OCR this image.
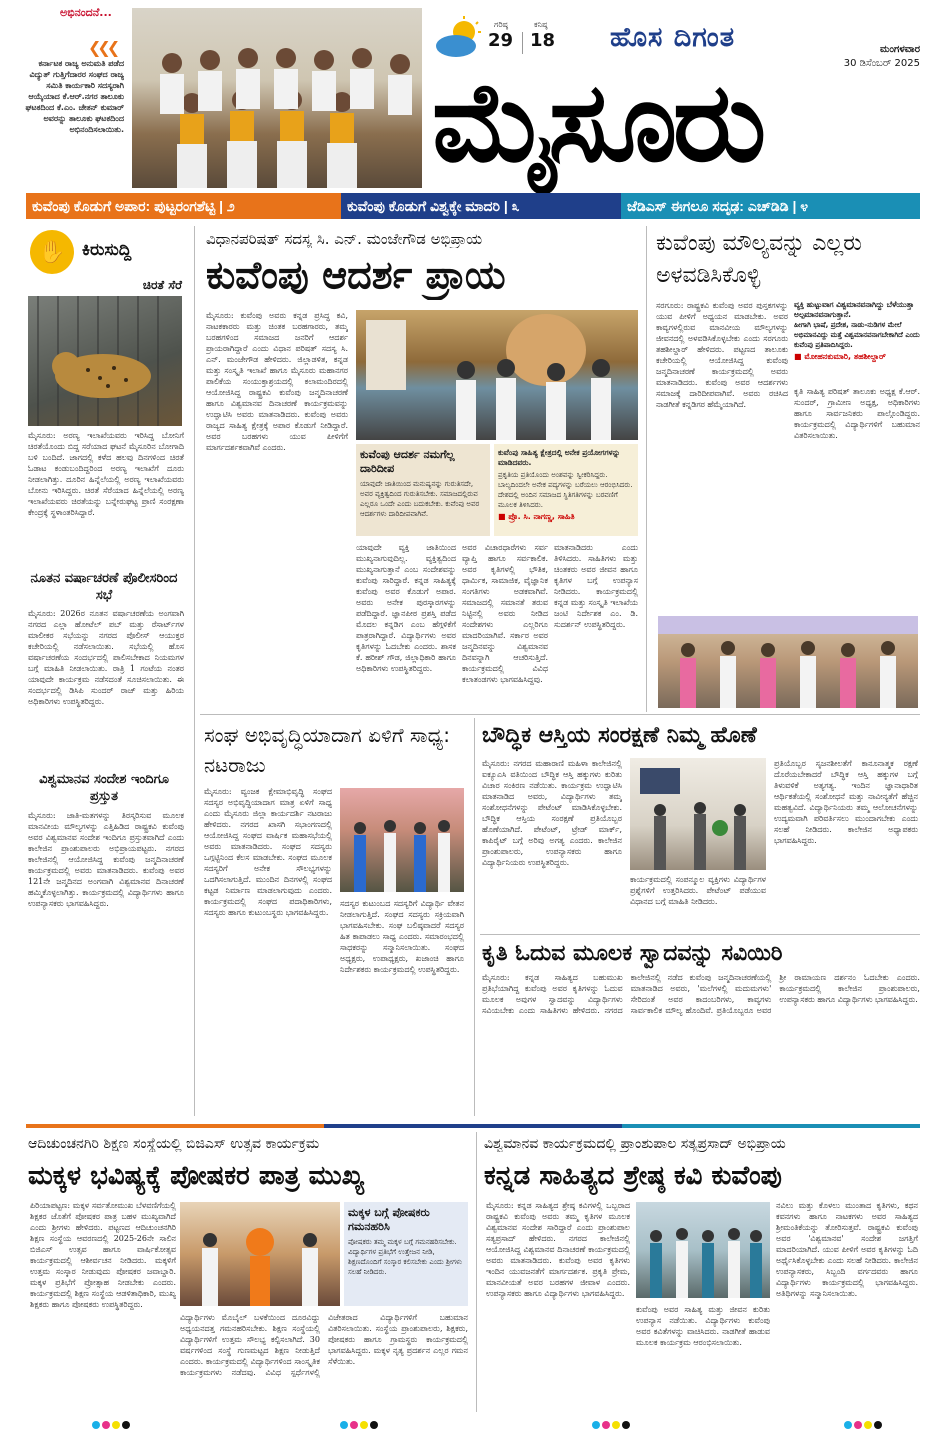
ಅಭಿನಂದನೆ...
❮❮❮
ಕರ್ನಾಟಕ ರಾಜ್ಯ ಅನುಮತಿ ಪಡೆದ ವಿದ್ಯುತ್ ಗುತ್ತಿಗೆದಾರರ ಸಂಘದ ರಾಜ್ಯ ಸಮಿತಿ ಕಾರ್ಯಕಾರಿ ಸದಸ್ಯರಾಗಿ ಆಯ್ಕೆಯಾದ ಕೆ.ಆರ್.ನಗರ ತಾಲೂಕು ಘಟಕದಿಂದ ಕೆ.ಎಂ. ಚೇತನ್ ಕುಮಾರ್ ಅವರನ್ನು ತಾಲೂಕು ಘಟಕದಿಂದ ಅಭಿನಂದಿಸಲಾಯಿತು.
ಗರಿಷ್ಠ
29
ಕನಿಷ್ಠ
18 ಹೊಸ ದಿಗಂತ	ಮಂಗಳವಾರ
30 ಡಿಸೆಂಬರ್ 2025
ಮೈಸೂರು
ಕುವೆಂಪು ಕೊಡುಗೆ ಅಪಾರ: ಪುಟ್ಟರಂಗಶೆಟ್ಟಿ | ೨	ಕುವೆಂಪು ಕೊಡುಗೆ ವಿಶ್ವಕ್ಕೇ ಮಾದರಿ | ೩	ಜೆಡಿಎಸ್ ಈಗಲೂ ಸದೃಢ: ಎಚ್‌ಡಿಡಿ | ೪
✋ ಕಿರುಸುದ್ದಿ
ಚಿರತೆ ಸೆರೆ
ಮೈಸೂರು: ಅರಣ್ಯ ಇಲಾಖೆಯವರು ಇರಿಸಿದ್ದ ಬೋನಿಗೆ ಚಿರತೆಯೊಂದು ಬಿದ್ದ ಸರೆಯಾದ ಘಟನೆ ಮೈಸೂರಿನ ಬೋಗಾದಿ ಬಳಿ ಬಂದಿದೆ. ಜಾಗದಲ್ಲಿ ಕಳೆದ ಹಲವು ದಿನಗಳಿಂದ ಚಿರತೆ ಓಡಾಟ ಕಂಡುಬಂದಿದ್ದರಿಂದ ಅರಣ್ಯ ಇಲಾಖೆಗೆ ದೂರು ನೀಡಲಾಗಿತ್ತು. ದೂರಿನ ಹಿನ್ನೆಲೆಯಲ್ಲಿ ಅರಣ್ಯ ಇಲಾಖೆಯವರು ಬೋನು ಇರಿಸಿದ್ದರು. ಚಿರತೆ ಸೆರೆಯಾದ ಹಿನ್ನೆಲೆಯಲ್ಲಿ ಅರಣ್ಯ ಇಲಾಖೆಯವರು ಚಿರತೆಯನ್ನು ಬನ್ನೇರುಘಟ್ಟ ಪ್ರಾಣಿ ಸಂರಕ್ಷಣಾ ಕೇಂದ್ರಕ್ಕೆ ಸ್ಥಳಾಂತರಿಸಿದ್ದಾರೆ.
ನೂತನ ವರ್ಷಾಚರಣೆ ಪೊಲೀಸರಿಂದ ಸಭೆ
ಮೈಸೂರು: 2026ರ ನೂತನ ವರ್ಷಾಚರಣೆಯ ಅಂಗವಾಗಿ ನಗರದ ಎಲ್ಲಾ ಹೋಟೆಲ್ ಪಬ್ ಮತ್ತು ರೆಸಾರ್ಟ್‌ಗಳ ಮಾಲೀಕರ ಸಭೆಯನ್ನು ನಗರದ ಪೊಲೀಸ್ ಆಯುಕ್ತರ ಕಚೇರಿಯಲ್ಲಿ ನಡೆಸಲಾಯಿತು. ಸಭೆಯಲ್ಲಿ ಹೊಸ ವರ್ಷಾಚರಣೆಯ ಸಂದರ್ಭದಲ್ಲಿ ಪಾಲಿಸಬೇಕಾದ ನಿಯಮಗಳ ಬಗ್ಗೆ ಮಾಹಿತಿ ನೀಡಲಾಯಿತು. ರಾತ್ರಿ 1 ಗಂಟೆಯ ನಂತರ ಯಾವುದೇ ಕಾರ್ಯಕ್ರಮ ನಡೆಸದಂತೆ ಸೂಚಿಸಲಾಯಿತು. ಈ ಸಂದರ್ಭದಲ್ಲಿ ಡಿಸಿಪಿ ಸುಂದರ್ ರಾಜ್ ಮತ್ತು ಹಿರಿಯ ಅಧಿಕಾರಿಗಳು ಉಪಸ್ಥಿತರಿದ್ದರು.
ವಿಶ್ವಮಾನವ ಸಂದೇಶ ಇಂದಿಗೂ ಪ್ರಸ್ತುತ
ಮೈಸೂರು: ಜಾತಿ-ಮತಗಳನ್ನು ತಿರಸ್ಕರಿಸುವ ಮೂಲಕ ಮಾನವೀಯ ಮೌಲ್ಯಗಳನ್ನು ಎತ್ತಿಹಿಡಿದ ರಾಷ್ಟ್ರಕವಿ ಕುವೆಂಪು ಅವರ ವಿಶ್ವಮಾನವ ಸಂದೇಶ ಇಂದಿಗೂ ಪ್ರಸ್ತುತವಾಗಿದೆ ಎಂದು ಕಾಲೇಜಿನ ಪ್ರಾಂಶುಪಾಲರು ಅಭಿಪ್ರಾಯಪಟ್ಟರು. ನಗರದ ಕಾಲೇಜಿನಲ್ಲಿ ಆಯೋಜಿಸಿದ್ದ ಕುವೆಂಪು ಜನ್ಮದಿನಾಚರಣೆ ಕಾರ್ಯಕ್ರಮದಲ್ಲಿ ಅವರು ಮಾತನಾಡಿದರು. ಕುವೆಂಪು ಅವರ 121ನೇ ಜನ್ಮದಿನದ ಅಂಗವಾಗಿ ವಿಶ್ವಮಾನವ ದಿನಾಚರಣೆ ಹಮ್ಮಿಕೊಳ್ಳಲಾಗಿತ್ತು. ಕಾರ್ಯಕ್ರಮದಲ್ಲಿ ವಿದ್ಯಾರ್ಥಿಗಳು ಹಾಗೂ ಉಪನ್ಯಾಸಕರು ಭಾಗವಹಿಸಿದ್ದರು.
ವಿಧಾನಪರಿಷತ್ ಸದಸ್ಯ ಸಿ. ಎನ್. ಮಂಜೇಗೌಡ ಅಭಿಪ್ರಾಯ
ಕುವೆಂಪು ಆದರ್ಶ ಪ್ರಾಯ
ಮೈಸೂರು: ಕುವೆಂಪು ಅವರು ಕನ್ನಡ ಪ್ರಸಿದ್ಧ ಕವಿ, ನಾಟಕಕಾರರು ಮತ್ತು ಚಿಂತಕ ಬರಹಗಾರರು, ತಮ್ಮ ಬರಹಗಳಿಂದ ಸಮಾಜದ ಜನರಿಗೆ ಆದರ್ಶ ಪ್ರಾಯರಾಗಿದ್ದಾರೆ ಎಂದು ವಿಧಾನ ಪರಿಷತ್ ಸದಸ್ಯ ಸಿ. ಎನ್. ಮಂಜೇಗೌಡ ಹೇಳಿದರು. ಜಿಲ್ಲಾಡಳಿತ, ಕನ್ನಡ ಮತ್ತು ಸಂಸ್ಕೃತಿ ಇಲಾಖೆ ಹಾಗೂ ಮೈಸೂರು ಮಹಾನಗರ ಪಾಲಿಕೆಯ ಸಂಯುಕ್ತಾಶ್ರಯದಲ್ಲಿ ಕಲಾಮಂದಿರದಲ್ಲಿ ಆಯೋಜಿಸಿದ್ದ ರಾಷ್ಟ್ರಕವಿ ಕುವೆಂಪು ಜನ್ಮದಿನಾಚರಣೆ ಹಾಗೂ ವಿಶ್ವಮಾನವ ದಿನಾಚರಣೆ ಕಾರ್ಯಕ್ರಮವನ್ನು ಉದ್ಘಾಟಿಸಿ ಅವರು ಮಾತನಾಡಿದರು. ಕುವೆಂಪು ಅವರು ರಾಜ್ಯದ ಸಾಹಿತ್ಯ ಕ್ಷೇತ್ರಕ್ಕೆ ಅಪಾರ ಕೊಡುಗೆ ನೀಡಿದ್ದಾರೆ. ಅವರ ಬರಹಗಳು ಯುವ ಪೀಳಿಗೆಗೆ ಮಾರ್ಗದರ್ಶಕವಾಗಿವೆ ಎಂದರು.
ಕುವೆಂಪು ಆದರ್ಶ ನಮಗೆಲ್ಲ ದಾರಿದೀಪ
ಯಾವುದೇ ಜಾತಿಯಿಂದ ಮನುಷ್ಯನನ್ನು ಗುರುತಿಸದೇ, ಅವರ ವ್ಯಕ್ತಿತ್ವದಿಂದ ಗುರುತಿಸಬೇಕು. ಸಮಾಜದಲ್ಲಿರುವ ಎಲ್ಲರೂ ಒಂದೇ ಎಂದು ಬದುಕಬೇಕು. ಕುವೆಂಪು ಅವರ ಆದರ್ಶಗಳು ದಾರಿದೀಪವಾಗಿವೆ.
ಕುವೆಂಪು ಸಾಹಿತ್ಯ ಕ್ಷೇತ್ರದಲ್ಲಿ ಅನೇಕ ಪ್ರಯೋಗಗಳನ್ನು ಮಾಡಿದವರು.
ಪ್ರಕೃತಿಯ ಪ್ರತಿಯೊಂದು ಅಂಶವನ್ನು ಸ್ವೀಕರಿಸಿದ್ದರು. ಬಾಲ್ಯದಿಂದಲೇ ಅನೇಕ ಪದ್ಯಗಳನ್ನು ಬರೆಯಲು ಆರಂಭಿಸಿದರು. ದೇಶದಲ್ಲಿ ಅಂದಿನ ಸಮಾಜದ ಸ್ಥಿತಿಗತಿಗಳನ್ನು ಬರವಣಿಗೆ ಮೂಲಕ ತಿಳಿಸಿದರು.
■ ಪ್ರೊ. ಸಿ. ನಾಗಣ್ಣ, ಸಾಹಿತಿ
ಯಾವುದೇ ವ್ಯಕ್ತಿ ಜಾತಿಯಿಂದ ಮುಖ್ಯನಾಗುವುದಿಲ್ಲ. ವ್ಯಕ್ತಿತ್ವದಿಂದ ಮುಖ್ಯನಾಗುತ್ತಾನೆ ಎಂಬ ಸಂದೇಶವನ್ನು ಕುವೆಂಪು ಸಾರಿದ್ದಾರೆ. ಕನ್ನಡ ಸಾಹಿತ್ಯಕ್ಕೆ ಕುವೆಂಪು ಅವರ ಕೊಡುಗೆ ಅಪಾರ. ಅವರು ಅನೇಕ ಪುರಸ್ಕಾರಗಳನ್ನು ಪಡೆದಿದ್ದಾರೆ. ಜ್ಞಾನಪೀಠ ಪ್ರಶಸ್ತಿ ಪಡೆದ ಮೊದಲ ಕನ್ನಡಿಗ ಎಂಬ ಹೆಗ್ಗಳಿಕೆಗೆ ಪಾತ್ರರಾಗಿದ್ದಾರೆ. ವಿದ್ಯಾರ್ಥಿಗಳು ಅವರ ಕೃತಿಗಳನ್ನು ಓದಬೇಕು ಎಂದರು. ಶಾಸಕ ಕೆ. ಹರೀಶ್ ಗೌಡ, ಜಿಲ್ಲಾಧಿಕಾರಿ ಹಾಗೂ ಅಧಿಕಾರಿಗಳು ಉಪಸ್ಥಿತರಿದ್ದರು.
ಅವರ ವಿಚಾರಧಾರೆಗಳು ಸರ್ವ ವ್ಯಾಪ್ತಿ ಹಾಗೂ ಸರ್ವಕಾಲಿಕ. ಅವರ ಕೃತಿಗಳಲ್ಲಿ ಭೌತಿಕ, ಧಾರ್ಮಿಕ, ಸಾಮಾಜಿಕ, ವೈಜ್ಞಾನಿಕ ಸಂಗತಿಗಳು ಅಡಕವಾಗಿವೆ. ಸಮಾಜದಲ್ಲಿ ಸಮಾನತೆ ತರುವ ನಿಟ್ಟಿನಲ್ಲಿ ಅವರು ನೀಡಿದ ಸಂದೇಶಗಳು ಎಲ್ಲರಿಗೂ ಮಾದರಿಯಾಗಿವೆ. ಸರ್ಕಾರ ಅವರ ಜನ್ಮದಿನವನ್ನು ವಿಶ್ವಮಾನವ ದಿನವನ್ನಾಗಿ ಆಚರಿಸುತ್ತಿದೆ. ಕಾರ್ಯಕ್ರಮದಲ್ಲಿ ವಿವಿಧ ಕಲಾತಂಡಗಳು ಭಾಗವಹಿಸಿದ್ದವು.
ಮಾತನಾಡಿದರು ಎಂದು ತಿಳಿಸಿದರು. ಸಾಹಿತಿಗಳು ಮತ್ತು ಚಿಂತಕರು ಅವರ ಜೀವನ ಹಾಗೂ ಕೃತಿಗಳ ಬಗ್ಗೆ ಉಪನ್ಯಾಸ ನೀಡಿದರು. ಕಾರ್ಯಕ್ರಮದಲ್ಲಿ ಕನ್ನಡ ಮತ್ತು ಸಂಸ್ಕೃತಿ ಇಲಾಖೆಯ ಜಂಟಿ ನಿರ್ದೇಶಕ ಎಂ. ಡಿ. ಸುದರ್ಶನ್ ಉಪಸ್ಥಿತರಿದ್ದರು.
ಕುವೆಂಪು ಮೌಲ್ಯವನ್ನು ಎಲ್ಲರು ಅಳವಡಿಸಿಕೊಳ್ಳಿ
ಸರಗೂರು: ರಾಷ್ಟ್ರಕವಿ ಕುವೆಂಪು ಅವರ ಪುಸ್ತಕಗಳನ್ನು ಯುವ ಪೀಳಿಗೆ ಅಧ್ಯಯನ ಮಾಡಬೇಕು. ಅವರ ಕಾವ್ಯಗಳಲ್ಲಿರುವ ಮಾನವೀಯ ಮೌಲ್ಯಗಳನ್ನು ಜೀವನದಲ್ಲಿ ಅಳವಡಿಸಿಕೊಳ್ಳಬೇಕು ಎಂದು ಸರಗೂರು ತಹಶೀಲ್ದಾರ್ ಹೇಳಿದರು. ಪಟ್ಟಣದ ತಾಲೂಕು ಕಚೇರಿಯಲ್ಲಿ ಆಯೋಜಿಸಿದ್ದ ಕುವೆಂಪು ಜನ್ಮದಿನಾಚರಣೆ ಕಾರ್ಯಕ್ರಮದಲ್ಲಿ ಅವರು ಮಾತನಾಡಿದರು. ಕುವೆಂಪು ಅವರ ಆದರ್ಶಗಳು ಸಮಾಜಕ್ಕೆ ದಾರಿದೀಪವಾಗಿವೆ. ಅವರು ರಚಿಸಿದ ನಾಡಗೀತೆ ಕನ್ನಡಿಗರ ಹೆಮ್ಮೆಯಾಗಿದೆ.
ವ್ಯಕ್ತಿ ಹುಟ್ಟುವಾಗ ವಿಶ್ವಮಾನವನಾಗಿದ್ದು ಬೆಳೆಯುತ್ತಾ ಅಲ್ಪಮಾನವನಾಗುತ್ತಾನೆ.
ಹೀಗಾಗಿ ಭಾಷೆ, ಪ್ರದೇಶ, ನಾಡು-ನುಡಿಗಳ ಮೇಲೆ ಅಭಿಮಾನವಿದ್ದು ಮತ್ತೆ ವಿಶ್ವಮಾನವನಾಗಬೇಕಾಗಿದೆ ಎಂದು ಕುವೆಂಪು ಪ್ರತಿಪಾದಿಸಿದ್ದರು.
■ ಮೋಹನಕುಮಾರಿ, ತಹಶೀಲ್ದಾರ್
ಕೃತಿ ಸಾಹಿತ್ಯ ಪರಿಷತ್ ತಾಲೂಕು ಅಧ್ಯಕ್ಷ ಕೆ.ಆರ್. ಸುಂದರ್, ಗ್ರಾಮೀಣ ಅಧ್ಯಕ್ಷ, ಅಧಿಕಾರಿಗಳು ಹಾಗೂ ಸಾರ್ವಜನಿಕರು ಪಾಲ್ಗೊಂಡಿದ್ದರು. ಕಾರ್ಯಕ್ರಮದಲ್ಲಿ ವಿದ್ಯಾರ್ಥಿಗಳಿಗೆ ಬಹುಮಾನ ವಿತರಿಸಲಾಯಿತು.
ಸಂಘ ಅಭಿವೃದ್ಧಿಯಾದಾಗ ಏಳಿಗೆ ಸಾಧ್ಯ: ನಟರಾಜು
ಮೈಸೂರು: ವ್ಯಂಜಕ ಕ್ಷೇಮಾಭಿವೃದ್ಧಿ ಸಂಘದ ಸದಸ್ಯರ ಅಭಿವೃದ್ಧಿಯಾದಾಗ ಮಾತ್ರ ಏಳಿಗೆ ಸಾಧ್ಯ ಎಂದು ಮೈಸೂರು ಜಿಲ್ಲಾ ಕಾರ್ಯದರ್ಶಿ ನಟರಾಜು ಹೇಳಿದರು. ನಗರದ ಖಾಸಗಿ ಸಭಾಂಗಣದಲ್ಲಿ ಆಯೋಜಿಸಿದ್ದ ಸಂಘದ ವಾರ್ಷಿಕ ಮಹಾಸಭೆಯಲ್ಲಿ ಅವರು ಮಾತನಾಡಿದರು. ಸಂಘದ ಸದಸ್ಯರು ಒಗ್ಗಟ್ಟಿನಿಂದ ಕೆಲಸ ಮಾಡಬೇಕು. ಸಂಘದ ಮೂಲಕ ಸದಸ್ಯರಿಗೆ ಅನೇಕ ಸೌಲಭ್ಯಗಳನ್ನು ಒದಗಿಸಲಾಗುತ್ತಿದೆ. ಮುಂದಿನ ದಿನಗಳಲ್ಲಿ ಸಂಘದ ಕಟ್ಟಡ ನಿರ್ಮಾಣ ಮಾಡಲಾಗುವುದು ಎಂದರು. ಕಾರ್ಯಕ್ರಮದಲ್ಲಿ ಸಂಘದ ಪದಾಧಿಕಾರಿಗಳು, ಸದಸ್ಯರು ಹಾಗೂ ಕುಟುಂಬಸ್ಥರು ಭಾಗವಹಿಸಿದ್ದರು.
ಸದಸ್ಯರ ಕುಟುಂಬದ ಸದಸ್ಯರಿಗೆ ವಿದ್ಯಾರ್ಥಿ ವೇತನ ನೀಡಲಾಗುತ್ತಿದೆ. ಸಂಘದ ಸದಸ್ಯರು ಸಕ್ರಿಯವಾಗಿ ಭಾಗವಹಿಸಬೇಕು. ಸಂಘ ಬಲಿಷ್ಠವಾದರೆ ಸದಸ್ಯರ ಹಿತ ಕಾಪಾಡಲು ಸಾಧ್ಯ ಎಂದರು. ಸಮಾರಂಭದಲ್ಲಿ ಸಾಧಕರನ್ನು ಸನ್ಮಾನಿಸಲಾಯಿತು. ಸಂಘದ ಅಧ್ಯಕ್ಷರು, ಉಪಾಧ್ಯಕ್ಷರು, ಖಜಾಂಚಿ ಹಾಗೂ ನಿರ್ದೇಶಕರು ಕಾರ್ಯಕ್ರಮದಲ್ಲಿ ಉಪಸ್ಥಿತರಿದ್ದರು.
ಬೌದ್ಧಿಕ ಆಸ್ತಿಯ ಸಂರಕ್ಷಣೆ ನಿಮ್ಮ ಹೊಣೆ
ಮೈಸೂರು: ನಗರದ ಮಹಾರಾಣಿ ಮಹಿಳಾ ಕಾಲೇಜಿನಲ್ಲಿ ಐಕ್ಯೂಎಸಿ ವತಿಯಿಂದ ಬೌದ್ಧಿಕ ಆಸ್ತಿ ಹಕ್ಕುಗಳು ಕುರಿತು ವಿಚಾರ ಸಂಕಿರಣ ನಡೆಯಿತು. ಕಾರ್ಯಕ್ರಮ ಉದ್ಘಾಟಿಸಿ ಮಾತನಾಡಿದ ಅವರು, ವಿದ್ಯಾರ್ಥಿಗಳು ತಮ್ಮ ಸಂಶೋಧನೆಗಳನ್ನು ಪೇಟೆಂಟ್ ಮಾಡಿಸಿಕೊಳ್ಳಬೇಕು. ಬೌದ್ಧಿಕ ಆಸ್ತಿಯ ಸಂರಕ್ಷಣೆ ಪ್ರತಿಯೊಬ್ಬರ ಹೊಣೆಯಾಗಿದೆ. ಪೇಟೆಂಟ್, ಟ್ರೇಡ್ ಮಾರ್ಕ್, ಕಾಪಿರೈಟ್ ಬಗ್ಗೆ ಅರಿವು ಅಗತ್ಯ ಎಂದರು. ಕಾಲೇಜಿನ ಪ್ರಾಂಶುಪಾಲರು, ಉಪನ್ಯಾಸಕರು ಹಾಗೂ ವಿದ್ಯಾರ್ಥಿನಿಯರು ಉಪಸ್ಥಿತರಿದ್ದರು.
ಕಾರ್ಯಕ್ರಮದಲ್ಲಿ ಸಂಪನ್ಮೂಲ ವ್ಯಕ್ತಿಗಳು ವಿದ್ಯಾರ್ಥಿಗಳ ಪ್ರಶ್ನೆಗಳಿಗೆ ಉತ್ತರಿಸಿದರು. ಪೇಟೆಂಟ್ ಪಡೆಯುವ ವಿಧಾನದ ಬಗ್ಗೆ ಮಾಹಿತಿ ನೀಡಿದರು.
ಪ್ರತಿಯೊಬ್ಬರ ಸೃಜನಶೀಲತೆಗೆ ಕಾನೂನಾತ್ಮಕ ರಕ್ಷಣೆ ದೊರೆಯಬೇಕಾದರೆ ಬೌದ್ಧಿಕ ಆಸ್ತಿ ಹಕ್ಕುಗಳ ಬಗ್ಗೆ ತಿಳುವಳಿಕೆ ಅತ್ಯಗತ್ಯ. ಇಂದಿನ ಜ್ಞಾನಾಧಾರಿತ ಆರ್ಥಿಕತೆಯಲ್ಲಿ ಸಂಶೋಧನೆ ಮತ್ತು ನಾವೀನ್ಯತೆಗೆ ಹೆಚ್ಚಿನ ಮಹತ್ವವಿದೆ. ವಿದ್ಯಾರ್ಥಿನಿಯರು ತಮ್ಮ ಆಲೋಚನೆಗಳನ್ನು ಉದ್ಯಮವಾಗಿ ಪರಿವರ್ತಿಸಲು ಮುಂದಾಗಬೇಕು ಎಂದು ಸಲಹೆ ನೀಡಿದರು. ಕಾಲೇಜಿನ ಅಧ್ಯಾಪಕರು ಭಾಗವಹಿಸಿದ್ದರು.
ಕೃತಿ ಓದುವ ಮೂಲಕ ಸ್ವಾದವನ್ನು ಸವಿಯಿರಿ
ಮೈಸೂರು: ಕನ್ನಡ ಸಾಹಿತ್ಯದ ಬಹುಮುಖ ಪ್ರತಿಭೆಯಾಗಿದ್ದ ಕುವೆಂಪು ಅವರ ಕೃತಿಗಳನ್ನು ಓದುವ ಮೂಲಕ ಅವುಗಳ ಸ್ವಾದವನ್ನು ವಿದ್ಯಾರ್ಥಿಗಳು ಸವಿಯಬೇಕು ಎಂದು ಸಾಹಿತಿಗಳು ಹೇಳಿದರು. ನಗರದ ಕಾಲೇಜಿನಲ್ಲಿ ನಡೆದ ಕುವೆಂಪು ಜನ್ಮದಿನಾಚರಣೆಯಲ್ಲಿ ಮಾತನಾಡಿದ ಅವರು, 'ಮಲೆಗಳಲ್ಲಿ ಮದುಮಗಳು' ಸೇರಿದಂತೆ ಅವರ ಕಾದಂಬರಿಗಳು, ಕಾವ್ಯಗಳು ಸಾರ್ವಕಾಲಿಕ ಮೌಲ್ಯ ಹೊಂದಿವೆ. ಪ್ರತಿಯೊಬ್ಬರೂ ಅವರ ಶ್ರೀ ರಾಮಾಯಣ ದರ್ಶನಂ ಓದಬೇಕು ಎಂದರು. ಕಾರ್ಯಕ್ರಮದಲ್ಲಿ ಕಾಲೇಜಿನ ಪ್ರಾಂಶುಪಾಲರು, ಉಪನ್ಯಾಸಕರು ಹಾಗೂ ವಿದ್ಯಾರ್ಥಿಗಳು ಭಾಗವಹಿಸಿದ್ದರು.
ಆದಿಚುಂಚನಗಿರಿ ಶಿಕ್ಷಣ ಸಂಸ್ಥೆಯಲ್ಲಿ ಬಿಜಿಎಸ್ ಉತ್ಸವ ಕಾರ್ಯಕ್ರಮ
ಮಕ್ಕಳ ಭವಿಷ್ಯಕ್ಕೆ ಪೋಷಕರ ಪಾತ್ರ ಮುಖ್ಯ
ಪಿರಿಯಾಪಟ್ಟಣ: ಮಕ್ಕಳ ಸರ್ವತೋಮುಖ ಬೆಳವಣಿಗೆಯಲ್ಲಿ ಶಿಕ್ಷಕರ ಜೊತೆಗೆ ಪೋಷಕರ ಪಾತ್ರ ಬಹಳ ಮುಖ್ಯವಾಗಿದೆ ಎಂದು ಶ್ರೀಗಳು ಹೇಳಿದರು. ಪಟ್ಟಣದ ಆದಿಚುಂಚನಗಿರಿ ಶಿಕ್ಷಣ ಸಂಸ್ಥೆಯ ಆವರಣದಲ್ಲಿ 2025-26ನೇ ಸಾಲಿನ ಬಿಜಿಎಸ್ ಉತ್ಸವ ಹಾಗೂ ವಾರ್ಷಿಕೋತ್ಸವ ಕಾರ್ಯಕ್ರಮದಲ್ಲಿ ಆಶೀರ್ವಚನ ನೀಡಿದರು. ಮಕ್ಕಳಿಗೆ ಉತ್ತಮ ಸಂಸ್ಕಾರ ನೀಡುವುದು ಪೋಷಕರ ಜವಾಬ್ದಾರಿ. ಮಕ್ಕಳ ಪ್ರತಿಭೆಗೆ ಪ್ರೋತ್ಸಾಹ ನೀಡಬೇಕು ಎಂದರು. ಕಾರ್ಯಕ್ರಮದಲ್ಲಿ ಶಿಕ್ಷಣ ಸಂಸ್ಥೆಯ ಆಡಳಿತಾಧಿಕಾರಿ, ಮುಖ್ಯ ಶಿಕ್ಷಕರು ಹಾಗೂ ಪೋಷಕರು ಉಪಸ್ಥಿತರಿದ್ದರು.
ಮಕ್ಕಳ ಬಗ್ಗೆ ಪೋಷಕರು ಗಮನಹರಿಸಿ
ಪೋಷಕರು ತಮ್ಮ ಮಕ್ಕಳ ಬಗ್ಗೆ ಗಮನಹರಿಸಬೇಕು. ವಿದ್ಯಾರ್ಥಿಗಳ ಪ್ರತಿಭೆಗೆ ಉತ್ತೇಜನ ನೀಡಿ, ಶಿಕ್ಷಣದೊಂದಿಗೆ ಸಂಸ್ಕಾರ ಕಲಿಸಬೇಕು ಎಂದು ಶ್ರೀಗಳು ಸಲಹೆ ನೀಡಿದರು.
ವಿದ್ಯಾರ್ಥಿಗಳು ಮೊಬೈಲ್ ಬಳಕೆಯಿಂದ ದೂರವಿದ್ದು ಅಧ್ಯಯನದತ್ತ ಗಮನಹರಿಸಬೇಕು. ಶಿಕ್ಷಣ ಸಂಸ್ಥೆಯಲ್ಲಿ ವಿದ್ಯಾರ್ಥಿಗಳಿಗೆ ಉತ್ತಮ ಸೌಲಭ್ಯ ಕಲ್ಪಿಸಲಾಗಿದೆ. 30 ವರ್ಷಗಳಿಂದ ಸಂಸ್ಥೆ ಗುಣಮಟ್ಟದ ಶಿಕ್ಷಣ ನೀಡುತ್ತಿದೆ ಎಂದರು. ಕಾರ್ಯಕ್ರಮದಲ್ಲಿ ವಿದ್ಯಾರ್ಥಿಗಳಿಂದ ಸಾಂಸ್ಕೃತಿಕ ಕಾರ್ಯಕ್ರಮಗಳು ನಡೆದವು. ವಿವಿಧ ಸ್ಪರ್ಧೆಗಳಲ್ಲಿ ವಿಜೇತರಾದ ವಿದ್ಯಾರ್ಥಿಗಳಿಗೆ ಬಹುಮಾನ ವಿತರಿಸಲಾಯಿತು. ಸಂಸ್ಥೆಯ ಪ್ರಾಂಶುಪಾಲರು, ಶಿಕ್ಷಕರು, ಪೋಷಕರು ಹಾಗೂ ಗ್ರಾಮಸ್ಥರು ಕಾರ್ಯಕ್ರಮದಲ್ಲಿ ಭಾಗವಹಿಸಿದ್ದರು. ಮಕ್ಕಳ ನೃತ್ಯ ಪ್ರದರ್ಶನ ಎಲ್ಲರ ಗಮನ ಸೆಳೆಯಿತು.
ವಿಶ್ವಮಾನವ ಕಾರ್ಯಕ್ರಮದಲ್ಲಿ ಪ್ರಾಂಶುಪಾಲ ಸತ್ಯಪ್ರಸಾದ್ ಅಭಿಪ್ರಾಯ
ಕನ್ನಡ ಸಾಹಿತ್ಯದ ಶ್ರೇಷ್ಠ ಕವಿ ಕುವೆಂಪು
ಮೈಸೂರು: ಕನ್ನಡ ಸಾಹಿತ್ಯದ ಶ್ರೇಷ್ಠ ಕವಿಗಳಲ್ಲಿ ಒಬ್ಬರಾದ ರಾಷ್ಟ್ರಕವಿ ಕುವೆಂಪು ಅವರು ತಮ್ಮ ಕೃತಿಗಳ ಮೂಲಕ ವಿಶ್ವಮಾನವ ಸಂದೇಶ ಸಾರಿದ್ದಾರೆ ಎಂದು ಪ್ರಾಂಶುಪಾಲ ಸತ್ಯಪ್ರಸಾದ್ ಹೇಳಿದರು. ನಗರದ ಕಾಲೇಜಿನಲ್ಲಿ ಆಯೋಜಿಸಿದ್ದ ವಿಶ್ವಮಾನವ ದಿನಾಚರಣೆ ಕಾರ್ಯಕ್ರಮದಲ್ಲಿ ಅವರು ಮಾತನಾಡಿದರು. ಕುವೆಂಪು ಅವರ ಕೃತಿಗಳು ಇಂದಿನ ಯುವಜನತೆಗೆ ಮಾರ್ಗದರ್ಶಕ. ಪ್ರಕೃತಿ ಪ್ರೇಮ, ಮಾನವೀಯತೆ ಅವರ ಬರಹಗಳ ಜೀವಾಳ ಎಂದರು. ಉಪನ್ಯಾಸಕರು ಹಾಗೂ ವಿದ್ಯಾರ್ಥಿಗಳು ಭಾಗವಹಿಸಿದ್ದರು.
ಕುವೆಂಪು ಅವರ ಸಾಹಿತ್ಯ ಮತ್ತು ಜೀವನ ಕುರಿತು ಉಪನ್ಯಾಸ ನಡೆಯಿತು. ವಿದ್ಯಾರ್ಥಿಗಳು ಕುವೆಂಪು ಅವರ ಕವಿತೆಗಳನ್ನು ವಾಚಿಸಿದರು. ನಾಡಗೀತೆ ಹಾಡುವ ಮೂಲಕ ಕಾರ್ಯಕ್ರಮ ಆರಂಭಿಸಲಾಯಿತು.
ನವಿಲು ಮತ್ತು ಕೊಳಲು ಮುಂತಾದ ಕೃತಿಗಳು, ಕಥನ ಕವನಗಳು ಹಾಗೂ ನಾಟಕಗಳು ಅವರ ಸಾಹಿತ್ಯದ ಶ್ರೀಮಂತಿಕೆಯನ್ನು ತೋರಿಸುತ್ತವೆ. ರಾಷ್ಟ್ರಕವಿ ಕುವೆಂಪು ಅವರ 'ವಿಶ್ವಮಾನವ' ಸಂದೇಶ ಜಗತ್ತಿಗೆ ಮಾದರಿಯಾಗಿದೆ. ಯುವ ಪೀಳಿಗೆ ಅವರ ಕೃತಿಗಳನ್ನು ಓದಿ ಅರ್ಥೈಸಿಕೊಳ್ಳಬೇಕು ಎಂದು ಸಲಹೆ ನೀಡಿದರು. ಕಾಲೇಜಿನ ಉಪನ್ಯಾಸಕರು, ಸಿಬ್ಬಂದಿ ವರ್ಗದವರು ಹಾಗೂ ವಿದ್ಯಾರ್ಥಿಗಳು ಕಾರ್ಯಕ್ರಮದಲ್ಲಿ ಭಾಗವಹಿಸಿದ್ದರು. ಅತಿಥಿಗಳನ್ನು ಸನ್ಮಾನಿಸಲಾಯಿತು.
